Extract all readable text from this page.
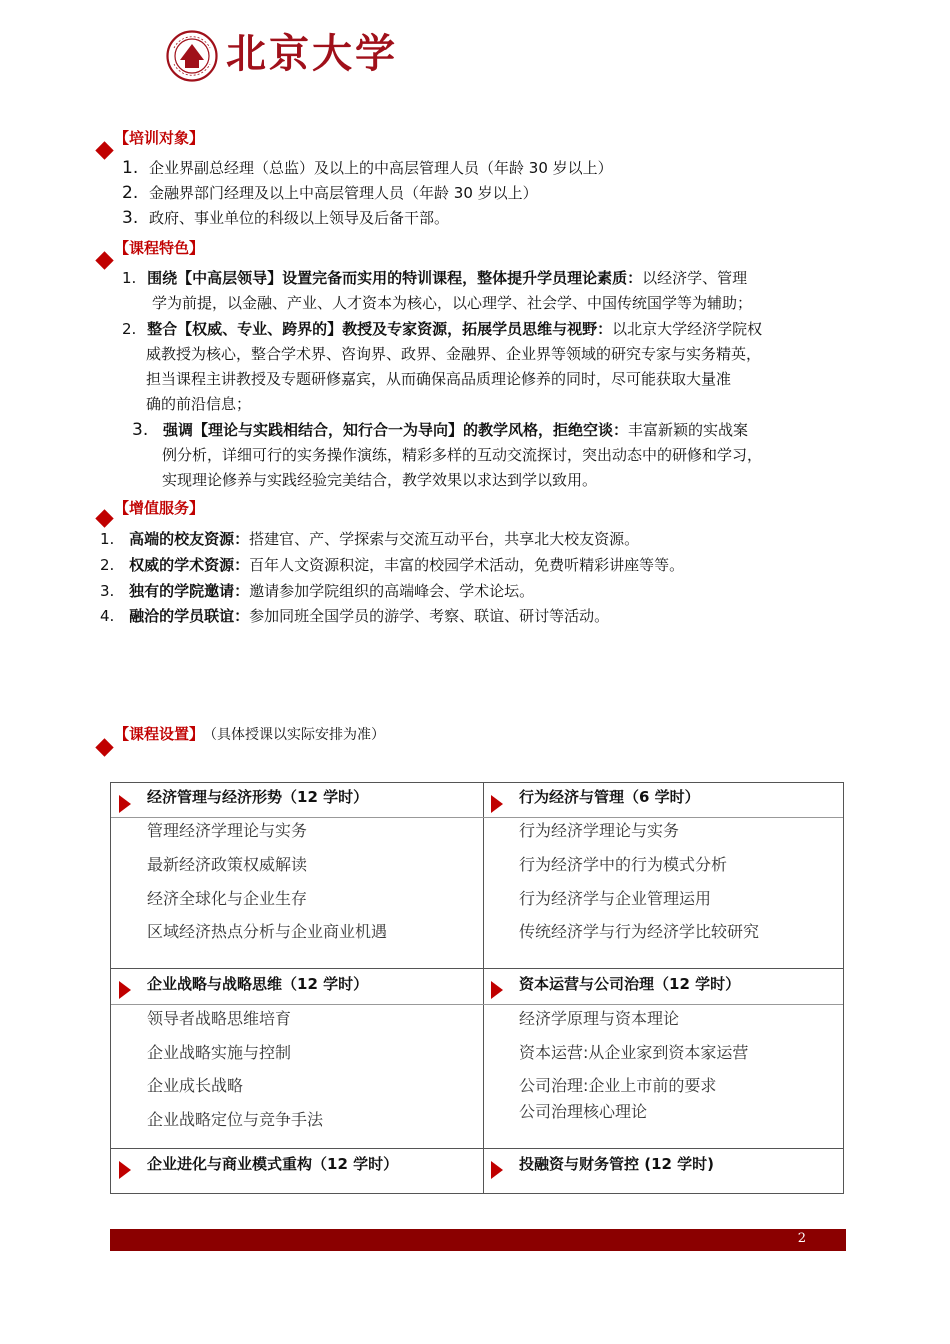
北京大学
【培训对象】
1. 企业界副总经理（总监）及以上的中高层管理人员（年龄 30 岁以上）
2. 金融界部门经理及以上中高层管理人员（年龄 30 岁以上）
3. 政府、事业单位的科级以上领导及后备干部。
【课程特色】
1. 围绕【中高层领导】设置完备而实用的特训课程，整体提升学员理论素质：以经济学、管理
学为前提，以金融、产业、人才资本为核心，以心理学、社会学、中国传统国学等为辅助；
2. 整合【权威、专业、跨界的】教授及专家资源，拓展学员思维与视野：以北京大学经济学院权
威教授为核心，整合学术界、咨询界、政界、金融界、企业界等领域的研究专家与实务精英，
担当课程主讲教授及专题研修嘉宾，从而确保高品质理论修养的同时，尽可能获取大量准
确的前沿信息；
3. 强调【理论与实践相结合，知行合一为导向】的教学风格，拒绝空谈：丰富新颖的实战案
例分析，详细可行的实务操作演练，精彩多样的互动交流探讨，突出动态中的研修和学习，
实现理论修养与实践经验完美结合，教学效果以求达到学以致用。
【增值服务】
1. 高端的校友资源：搭建官、产、学探索与交流互动平台，共享北大校友资源。
2. 权威的学术资源：百年人文资源积淀，丰富的校园学术活动，免费听精彩讲座等等。
3. 独有的学院邀请：邀请参加学院组织的高端峰会、学术论坛。
4. 融洽的学员联谊：参加同班全国学员的游学、考察、联谊、研讨等活动。
【课程设置】 （具体授课以实际安排为准）
经济管理与经济形势（12 学时）
管理经济学理论与实务
最新经济政策权威解读
经济全球化与企业生存
区域经济热点分析与企业商业机遇
行为经济与管理（6 学时）
行为经济学理论与实务
行为经济学中的行为模式分析
行为经济学与企业管理运用
传统经济学与行为经济学比较研究
企业战略与战略思维（12 学时）
领导者战略思维培育
企业战略实施与控制
企业成长战略
企业战略定位与竞争手法
资本运营与公司治理（12 学时）
经济学原理与资本理论
资本运营:从企业家到资本家运营
公司治理:企业上市前的要求
公司治理核心理论
企业进化与商业模式重构（12 学时）	投融资与财务管控 (12 学时)
2
